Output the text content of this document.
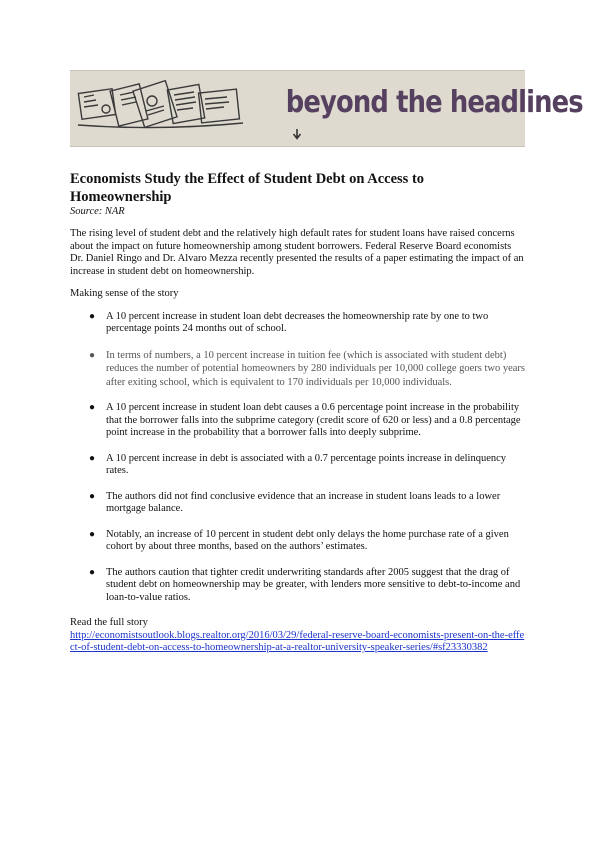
beyond the headlines
Economists Study the Effect of Student Debt on Access to Homeownership
Source: NAR

The rising level of student debt and the relatively high default rates for student loans have raised concerns about the impact on future homeownership among student borrowers. Federal Reserve Board economists Dr. Daniel Ringo and Dr. Alvaro Mezza recently presented the results of a paper estimating the impact of an increase in student debt on homeownership.

Making sense of the story

● A 10 percent increase in student loan debt decreases the homeownership rate by one to two percentage points 24 months out of school.
● In terms of numbers, a 10 percent increase in tuition fee (which is associated with student debt) reduces the number of potential homeowners by 280 individuals per 10,000 college goers two years after exiting school, which is equivalent to 170 individuals per 10,000 individuals.
● A 10 percent increase in student loan debt causes a 0.6 percentage point increase in the probability that the borrower falls into the subprime category (credit score of 620 or less) and a 0.8 percentage point increase in the probability that a borrower falls into deeply subprime.
● A 10 percent increase in debt is associated with a 0.7 percentage points increase in delinquency rates.
● The authors did not find conclusive evidence that an increase in student loans leads to a lower mortgage balance.
● Notably, an increase of 10 percent in student debt only delays the home purchase rate of a given cohort by about three months, based on the authors’ estimates.
● The authors caution that tighter credit underwriting standards after 2005 suggest that the drag of student debt on homeownership may be greater, with lenders more sensitive to debt-to-income and loan-to-value ratios.

Read the full story

http://economistsoutlook.blogs.realtor.org/2016/03/29/federal-reserve-board-economists-present-on-the-effect-of-student-debt-on-access-to-homeownership-at-a-realtor-university-speaker-series/#sf23330382
